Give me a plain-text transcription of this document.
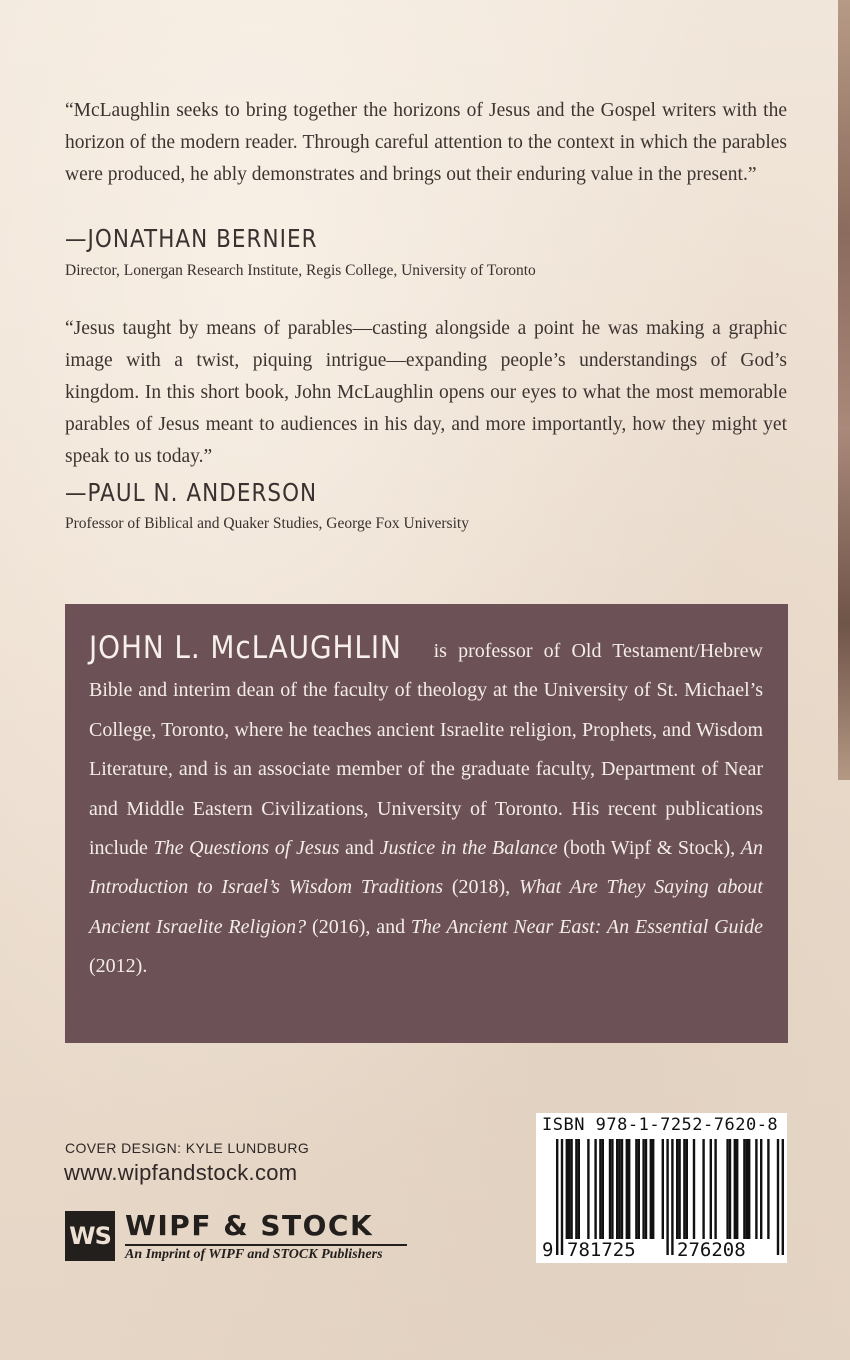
“McLaughlin seeks to bring together the horizons of Jesus and the Gospel writers with the horizon of the modern reader. Through careful attention to the context in which the parables were produced, he ably demonstrates and brings out their enduring value in the present.”

—JONATHAN BERNIER
Director, Lonergan Research Institute, Regis College, University of Toronto

“Jesus taught by means of parables—casting alongside a point he was making a graphic image with a twist, piquing intrigue—expanding people’s understandings of God’s kingdom. In this short book, John McLaughlin opens our eyes to what the most memorable parables of Jesus meant to audiences in his day, and more importantly, how they might yet speak to us today.”

—PAUL N. ANDERSON
Professor of Biblical and Quaker Studies, George Fox University

JOHN L. McLAUGHLIN is professor of Old Testament/Hebrew Bible and interim dean of the faculty of theology at the University of St. Michael’s College, Toronto, where he teaches ancient Israelite religion, Prophets, and Wisdom Literature, and is an associate member of the graduate faculty, Department of Near and Middle Eastern Civilizations, University of Toronto. His recent publications include The Questions of Jesus and Justice in the Balance (both Wipf & Stock), An Introduction to Israel’s Wisdom Traditions (2018), What Are They Saying about Ancient Israelite Religion? (2016), and The Ancient Near East: An Essential Guide (2012).

COVER DESIGN: KYLE LUNDBURG
www.wipfandstock.com
WS WIPF & STOCK
An Imprint of WIPF and STOCK Publishers
ISBN 978-1-7252-7620-8
9 781725 276208
